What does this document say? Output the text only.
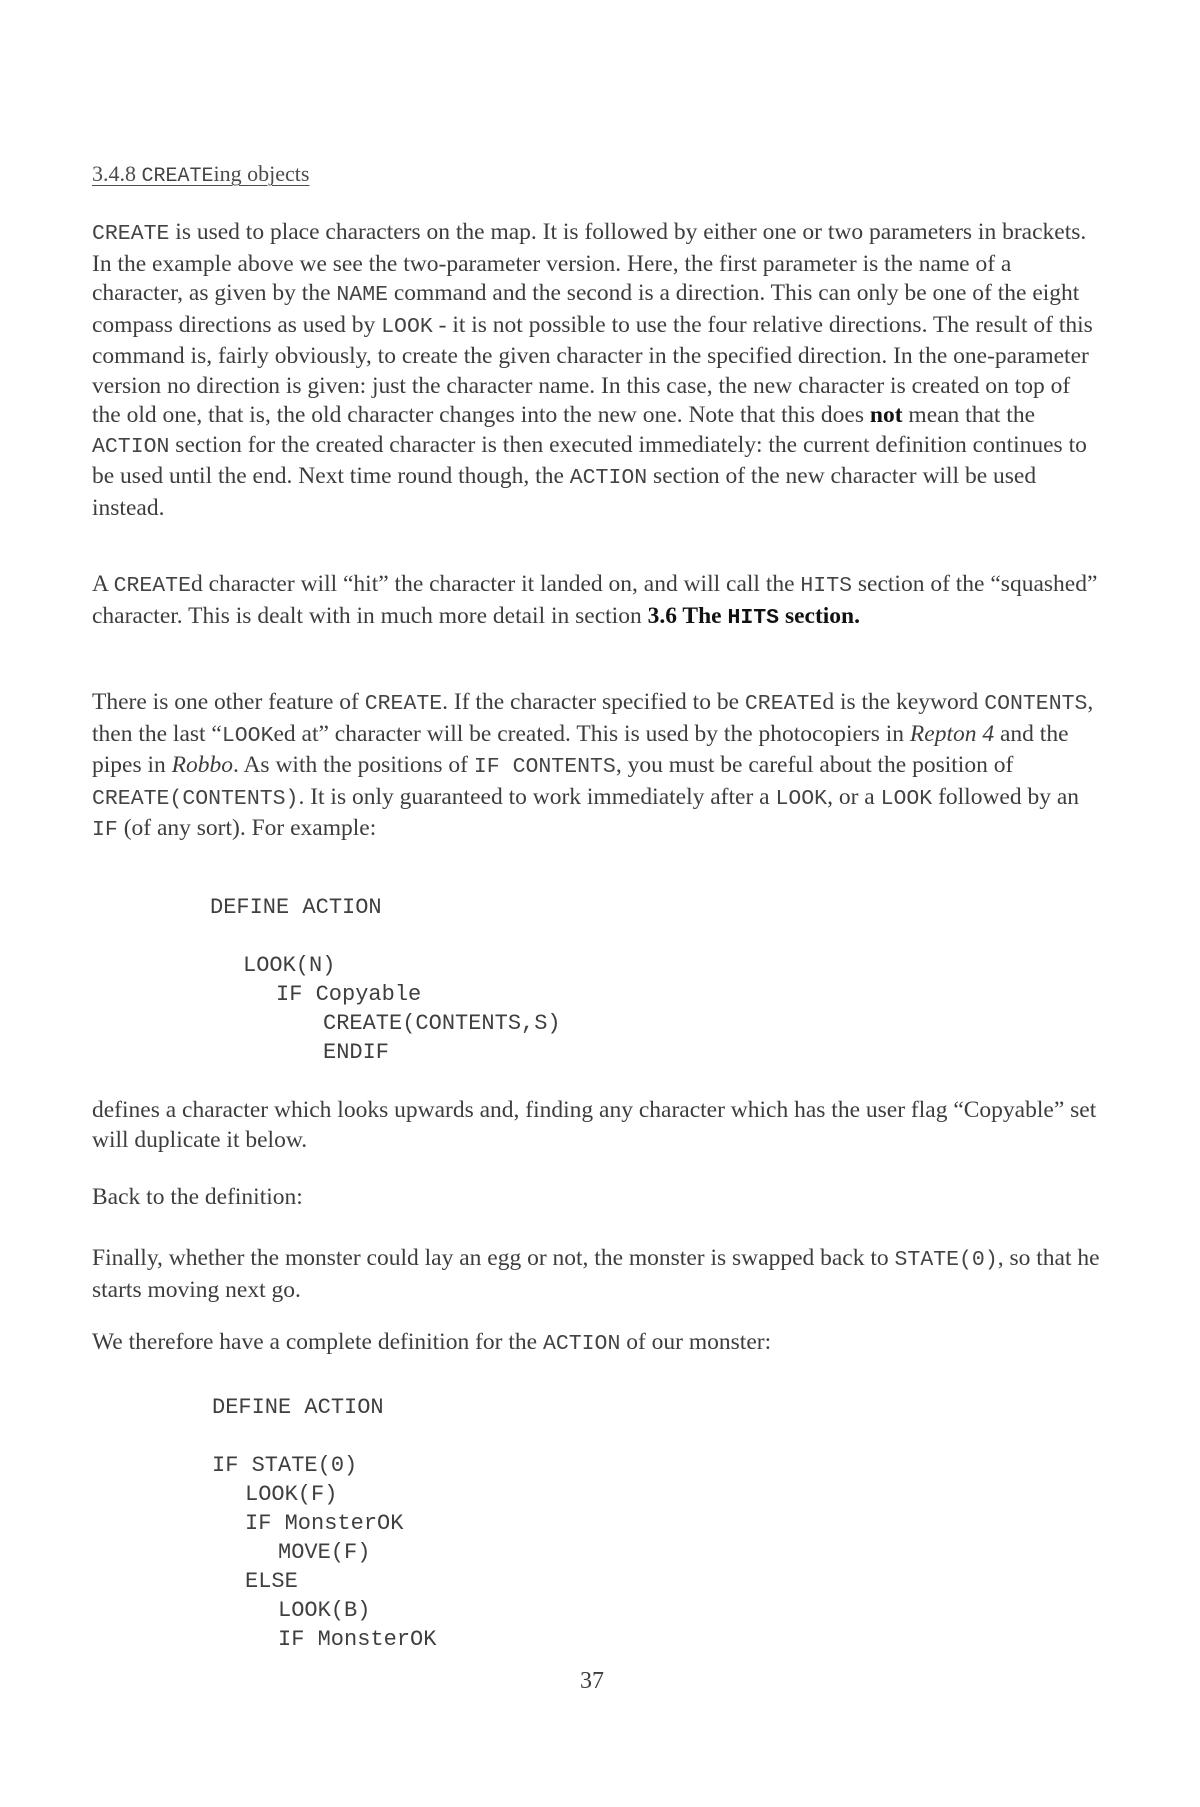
3.4.8 CREATEing objects

CREATE is used to place characters on the map. It is followed by either one or two parameters in brackets. In the example above we see the two-parameter version. Here, the first parameter is the name of a character, as given by the NAME command and the second is a direction. This can only be one of the eight compass directions as used by LOOK - it is not possible to use the four relative directions. The result of this command is, fairly obviously, to create the given character in the specified direction. In the one-parameter version no direction is given: just the character name. In this case, the new character is created on top of the old one, that is, the old character changes into the new one. Note that this does not mean that the ACTION section for the created character is then executed immediately: the current definition continues to be used until the end. Next time round though, the ACTION section of the new character will be used instead.

A CREATEd character will “hit” the character it landed on, and will call the HITS section of the “squashed” character. This is dealt with in much more detail in section 3.6 The HITS section.

There is one other feature of CREATE. If the character specified to be CREATEd is the keyword CONTENTS, then the last “LOOKed at” character will be created. This is used by the photocopiers in Repton 4 and the pipes in Robbo. As with the positions of IF CONTENTS, you must be careful about the position of CREATE(CONTENTS). It is only guaranteed to work immediately after a LOOK, or a LOOK followed by an IF (of any sort). For example:

DEFINE ACTION
LOOK(N)
IF Copyable
CREATE(CONTENTS,S)
ENDIF

defines a character which looks upwards and, finding any character which has the user flag “Copyable” set will duplicate it below.

Back to the definition:

Finally, whether the monster could lay an egg or not, the monster is swapped back to STATE(0), so that he starts moving next go.

We therefore have a complete definition for the ACTION of our monster:

DEFINE ACTION
IF STATE(0)
LOOK(F)
IF MonsterOK
MOVE(F)
ELSE
LOOK(B)
IF MonsterOK
37
